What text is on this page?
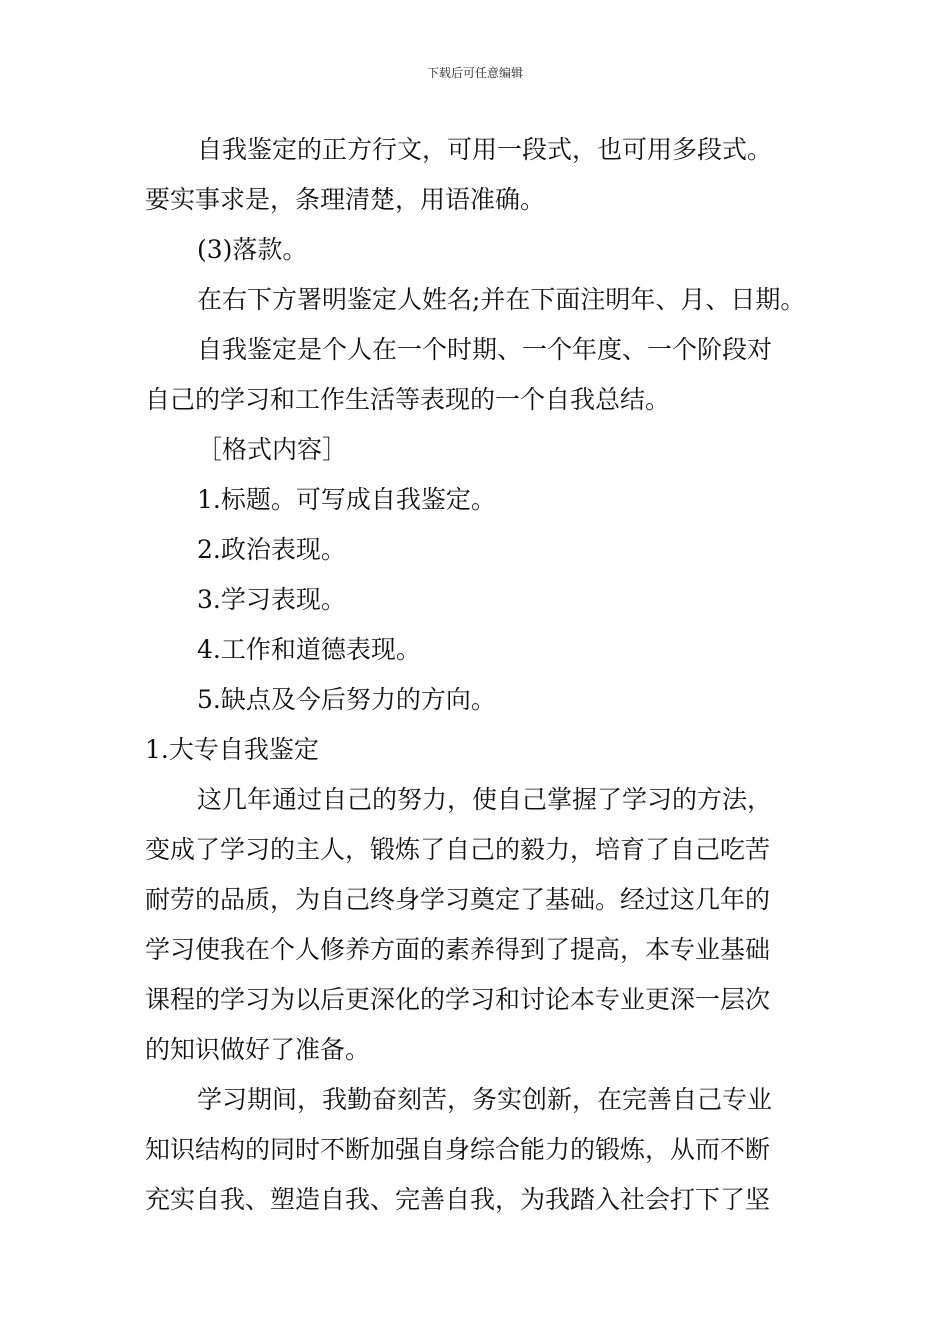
下载后可任意编辑
自我鉴定的正方行文，可用一段式，也可用多段式。
要实事求是，条理清楚，用语准确。
(3)落款。
在右下方署明鉴定人姓名;并在下面注明年、月、日期。
自我鉴定是个人在一个时期、一个年度、一个阶段对
自己的学习和工作生活等表现的一个自我总结。
［格式内容］
1.标题。可写成自我鉴定。
2.政治表现。
3.学习表现。
4.工作和道德表现。
5.缺点及今后努力的方向。
1.大专自我鉴定
这几年通过自己的努力，使自己掌握了学习的方法，
变成了学习的主人，锻炼了自己的毅力，培育了自己吃苦
耐劳的品质，为自己终身学习奠定了基础。经过这几年的
学习使我在个人修养方面的素养得到了提高，本专业基础
课程的学习为以后更深化的学习和讨论本专业更深一层次
的知识做好了准备。
学习期间，我勤奋刻苦，务实创新，在完善自己专业
知识结构的同时不断加强自身综合能力的锻炼，从而不断
充实自我、塑造自我、完善自我，为我踏入社会打下了坚
